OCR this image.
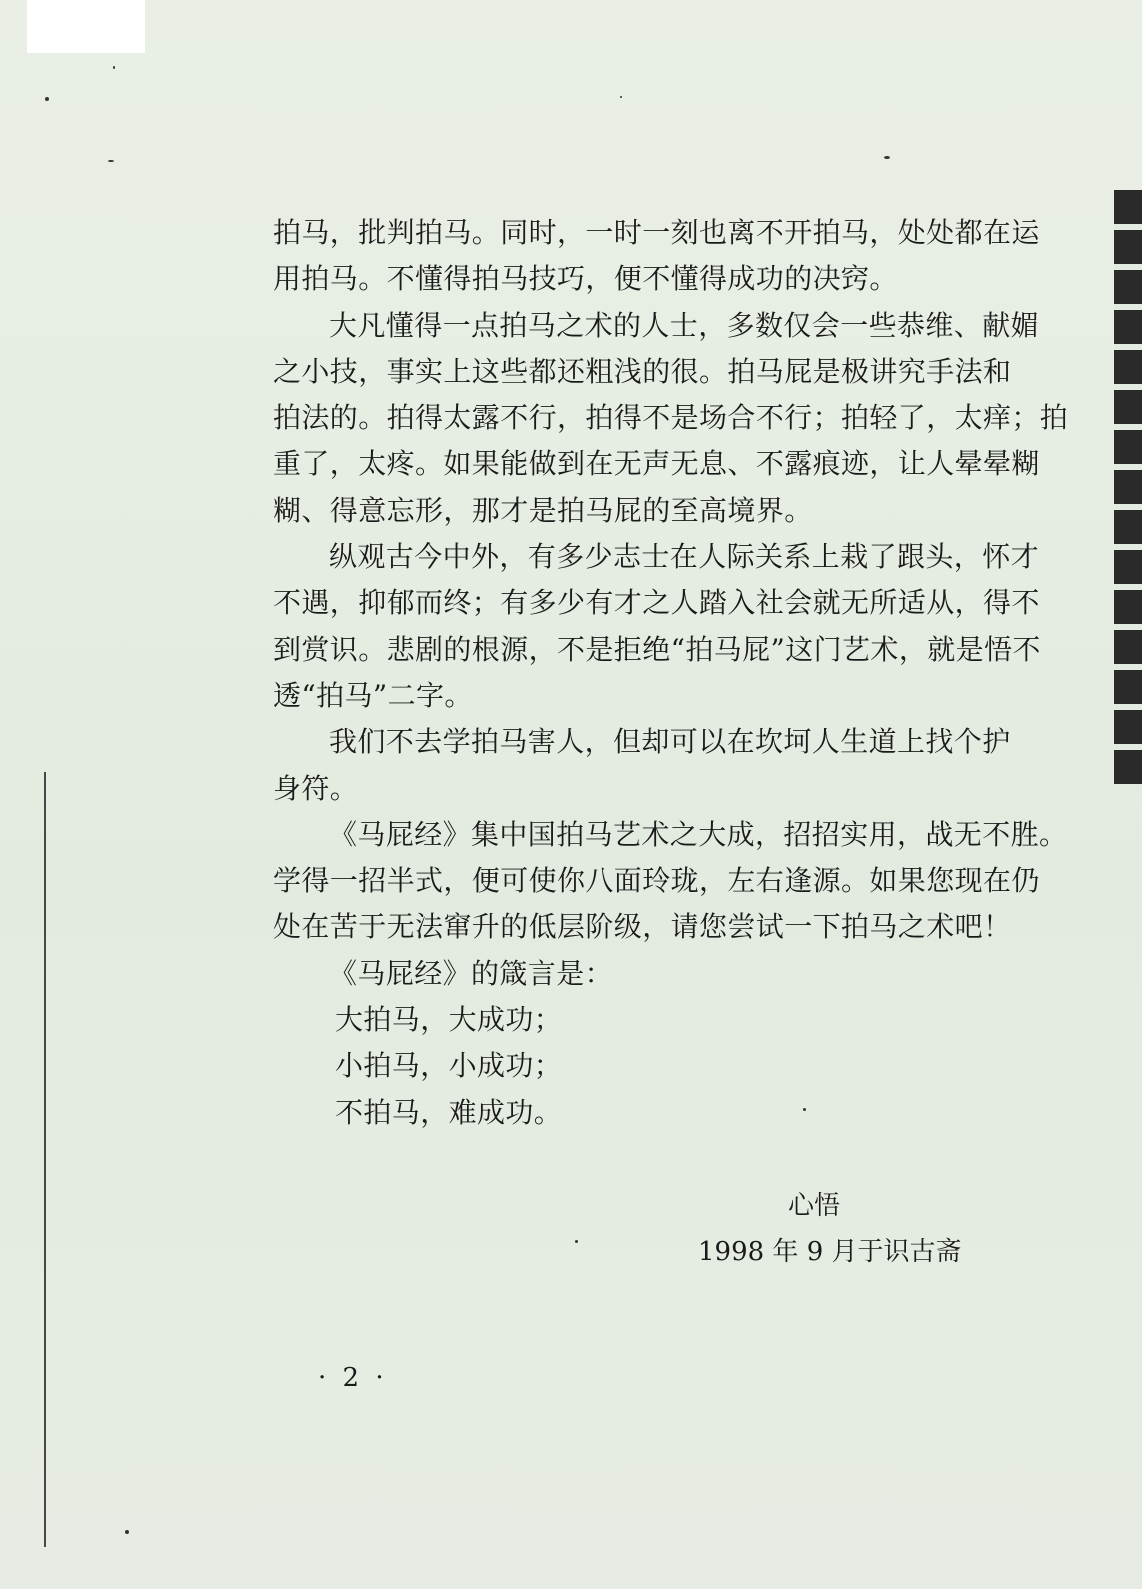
拍马，批判拍马。同时，一时一刻也离不开拍马，处处都在运
用拍马。不懂得拍马技巧，便不懂得成功的决窍。
大凡懂得一点拍马之术的人士，多数仅会一些恭维、献媚
之小技，事实上这些都还粗浅的很。拍马屁是极讲究手法和
拍法的。拍得太露不行，拍得不是场合不行；拍轻了，太痒；拍
重了，太疼。如果能做到在无声无息、不露痕迹，让人晕晕糊
糊、得意忘形，那才是拍马屁的至高境界。
纵观古今中外，有多少志士在人际关系上栽了跟头，怀才
不遇，抑郁而终；有多少有才之人踏入社会就无所适从，得不
到赏识。悲剧的根源，不是拒绝“拍马屁”这门艺术，就是悟不
透“拍马”二字。
我们不去学拍马害人，但却可以在坎坷人生道上找个护
身符。
《马屁经》集中国拍马艺术之大成，招招实用，战无不胜。
学得一招半式，便可使你八面玲珑，左右逢源。如果您现在仍
处在苦于无法窜升的低层阶级，请您尝试一下拍马之术吧！
《马屁经》的箴言是：
大拍马，大成功；
小拍马，小成功；
不拍马，难成功。
心悟
1998 年 9 月于识古斋
· 2 ·
